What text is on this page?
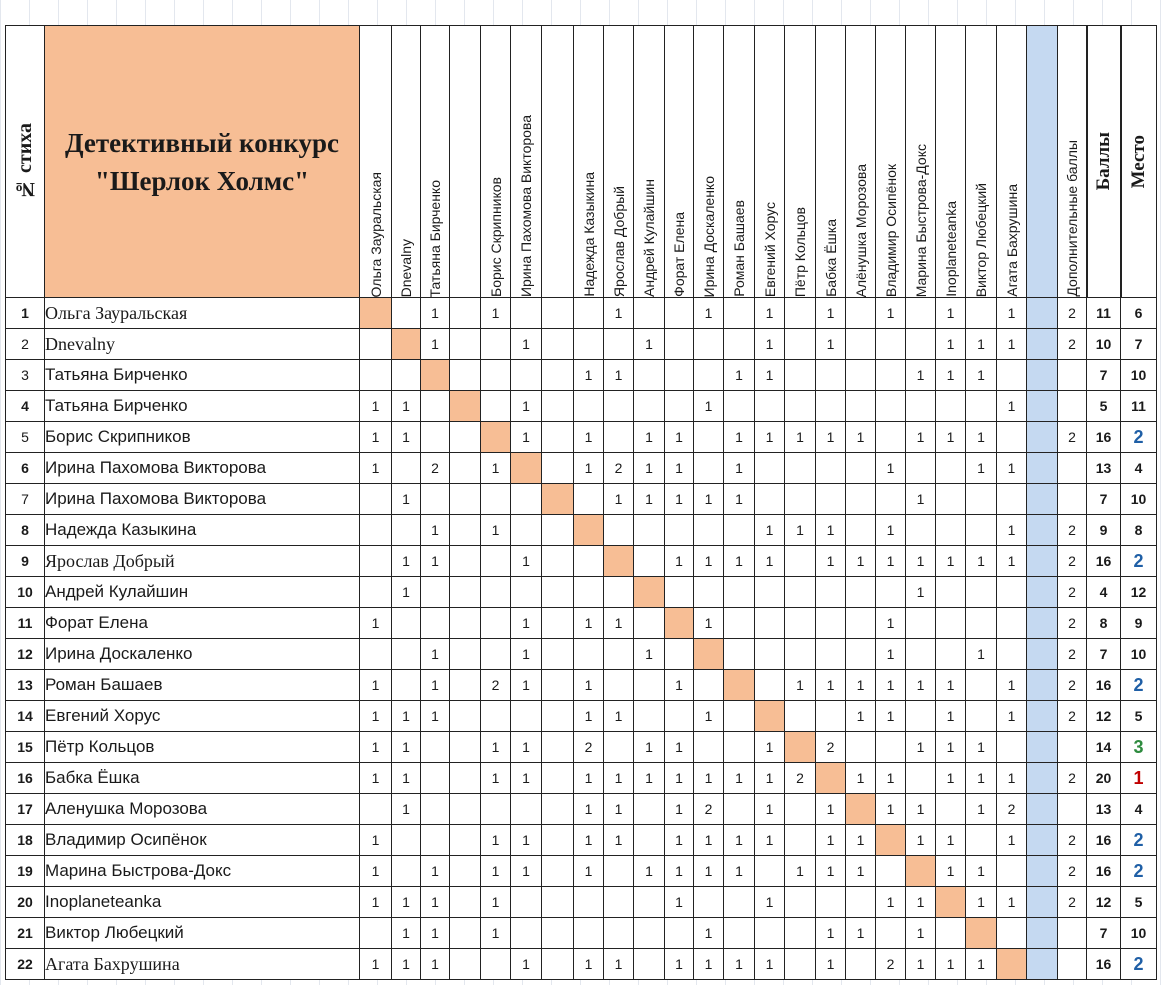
№ стиха	Детективный конкурс
"Шерлок Холмс"	Ольга Зауральская	Dnevalny	Татьяна Бирченко		Борис Скрипников	Ирина Пахомова Викторова		Надежда Казыкина	Ярослав Добрый	Андрей Кулайшин	Форат Елена	Ирина Доскаленко	Роман Башаев	Евгений Хорус	Пётр Кольцов	Бабка Ёшка	Алёнушка Морозова	Владимир Осипёнок	Марина Быстрова-Докс	Inoplaneteanka	Виктор Любецкий	Агата Бахрушина		Дополнительные баллы	Баллы	Место

1	Ольга Зауральская			1		1				1			1		1		1		1		1		1		2	11	6
2	Dnevalny			1			1				1				1		1				1	1	1		2	10	7
3	Татьяна Бирченко								1	1				1	1					1	1	1				7	10
4	Татьяна Бирченко	1	1				1						1										1			5	11
5	Борис Скрипников	1	1				1		1		1	1		1	1	1	1	1		1	1	1			2	16	2
6	Ирина Пахомова Викторова	1		2		1			1	2	1	1		1					1			1	1			13	4
7	Ирина Пахомова Викторова		1							1	1	1	1	1						1						7	10
8	Надежда Казыкина			1		1									1	1	1		1				1		2	9	8
9	Ярослав Добрый		1	1			1					1	1	1	1		1	1	1	1	1	1	1		2	16	2
10	Андрей Кулайшин		1																	1					2	4	12
11	Форат Елена	1					1		1	1			1						1						2	8	9
12	Ирина Доскаленко			1			1				1								1			1			2	7	10
13	Роман Башаев	1		1		2	1		1			1				1	1	1	1	1	1		1		2	16	2
14	Евгений Хорус	1	1	1					1	1			1					1	1		1		1		2	12	5
15	Пётр Кольцов	1	1			1	1		2		1	1			1		2			1	1	1				14	3
16	Бабка Ёшка	1	1			1	1		1	1	1	1	1	1	1	2		1	1		1	1	1		2	20	1
17	Аленушка Морозова		1						1	1		1	2		1		1		1	1		1	2			13	4
18	Владимир Осипёнок	1				1	1		1	1		1	1	1	1		1	1		1	1		1		2	16	2
19	Марина Быстрова-Докс	1		1		1	1		1		1	1	1	1		1	1	1			1	1			2	16	2
20	Inoplaneteanka	1	1	1		1						1			1				1	1		1	1		2	12	5
21	Виктор Любецкий		1	1		1							1				1	1		1						7	10
22	Агата Бахрушина	1	1	1			1		1	1		1	1	1	1		1		2	1	1	1				16	2
